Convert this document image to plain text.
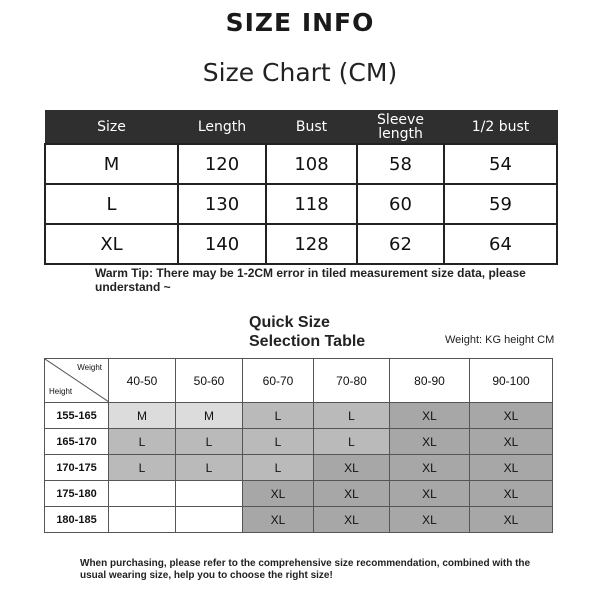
SIZE INFO
Size Chart (CM)
Size	Length	Bust	Sleeve length	1/2 bust
M	120	108	58	54
L	130	118	60	59
XL	140	128	62	64
Warm Tip: There may be 1-2CM error in tiled measurement size data, please understand ~
Quick Size
Selection Table	Weight: KG height CM
Weight
Height	40-50	50-60	60-70	70-80	80-90	90-100
155-165	M	M	L	L	XL	XL
165-170	L	L	L	L	XL	XL
170-175	L	L	L	XL	XL	XL
175-180			XL	XL	XL	XL
180-185			XL	XL	XL	XL
When purchasing, please refer to the comprehensive size recommendation, combined with the usual wearing size, help you to choose the right size!
